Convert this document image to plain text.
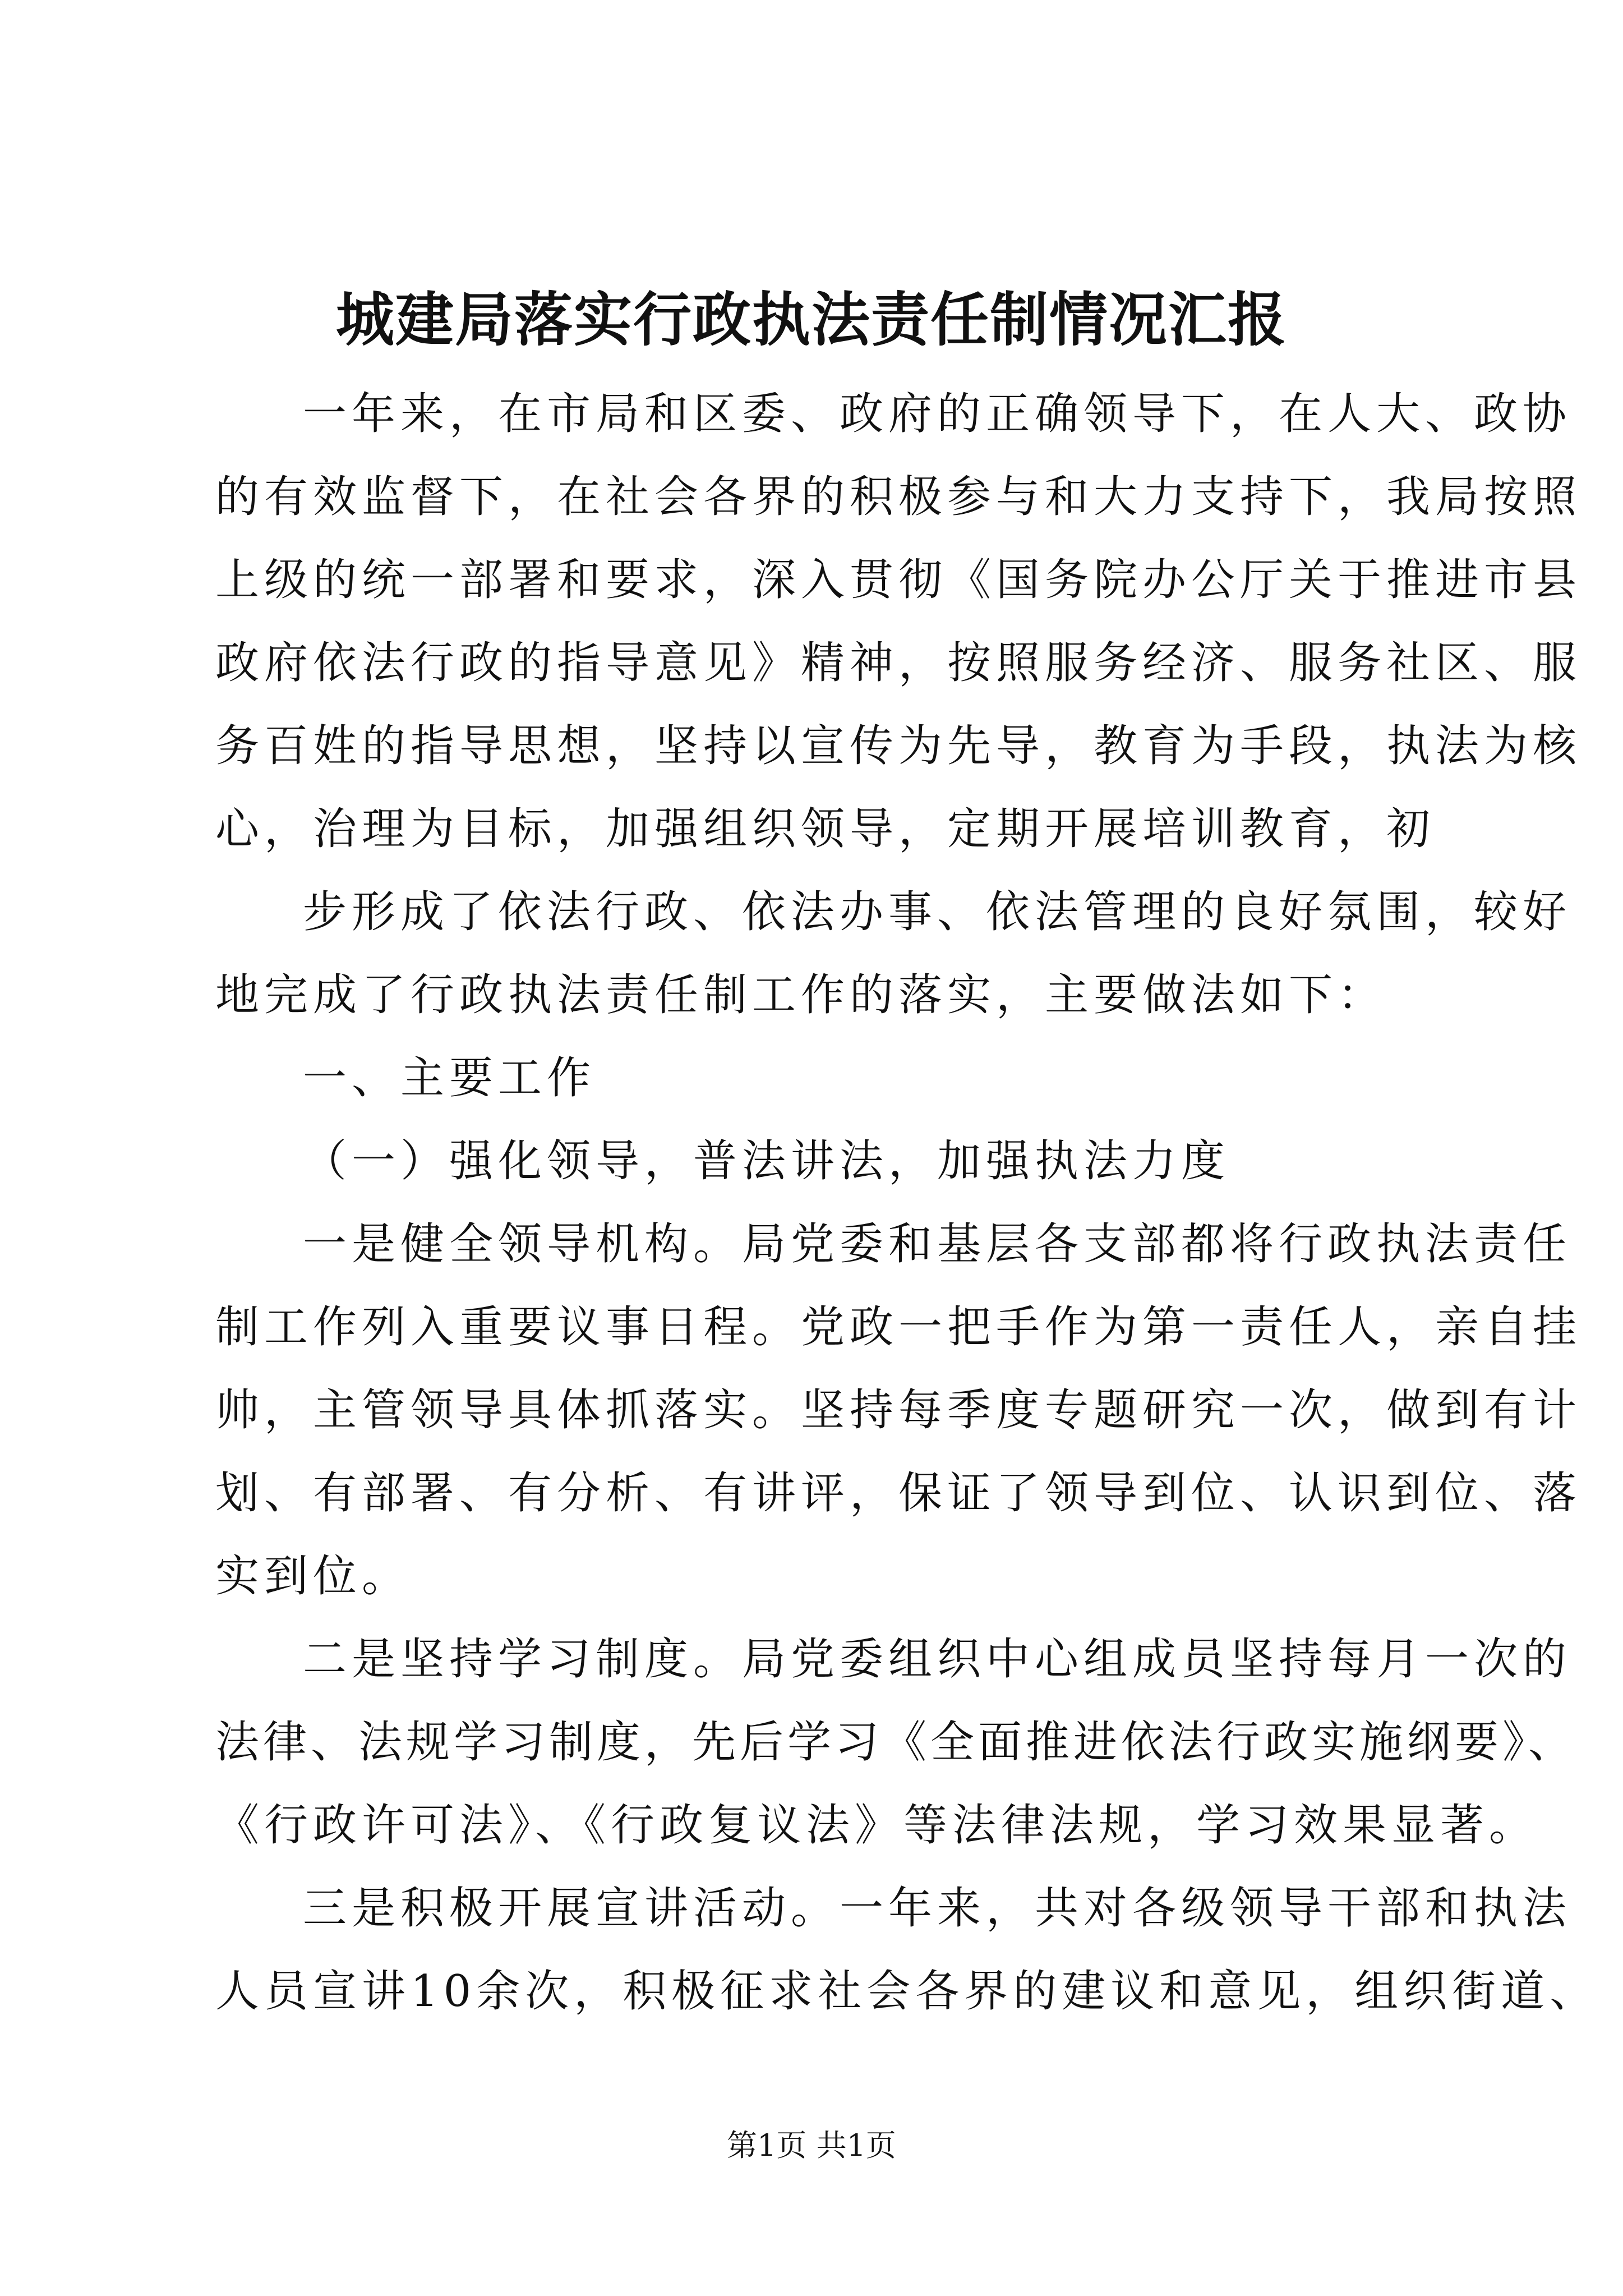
城建局落实行政执法责任制情况汇报
一年来，在市局和区委、政府的正确领导下，在人大、政协
的有效监督下，在社会各界的积极参与和大力支持下，我局按照
上级的统一部署和要求，深入贯彻《国务院办公厅关于推进市县
政府依法行政的指导意见》精神，按照服务经济、服务社区、服
务百姓的指导思想，坚持以宣传为先导，教育为手段，执法为核
心，治理为目标，加强组织领导，定期开展培训教育，初
步形成了依法行政、依法办事、依法管理的良好氛围，较好
地完成了行政执法责任制工作的落实，主要做法如下：
一、主要工作
（一）强化领导，普法讲法，加强执法力度
一是健全领导机构。局党委和基层各支部都将行政执法责任
制工作列入重要议事日程。党政一把手作为第一责任人，亲自挂
帅，主管领导具体抓落实。坚持每季度专题研究一次，做到有计
划、有部署、有分析、有讲评，保证了领导到位、认识到位、落
实到位。
二是坚持学习制度。局党委组织中心组成员坚持每月一次的
法律、法规学习制度，先后学习《全面推进依法行政实施纲要》、
《行政许可法》、《行政复议法》等法律法规，学习效果显著。
三是积极开展宣讲活动。一年来，共对各级领导干部和执法
人员宣讲10余次，积极征求社会各界的建议和意见，组织街道、
第1页 共1页
